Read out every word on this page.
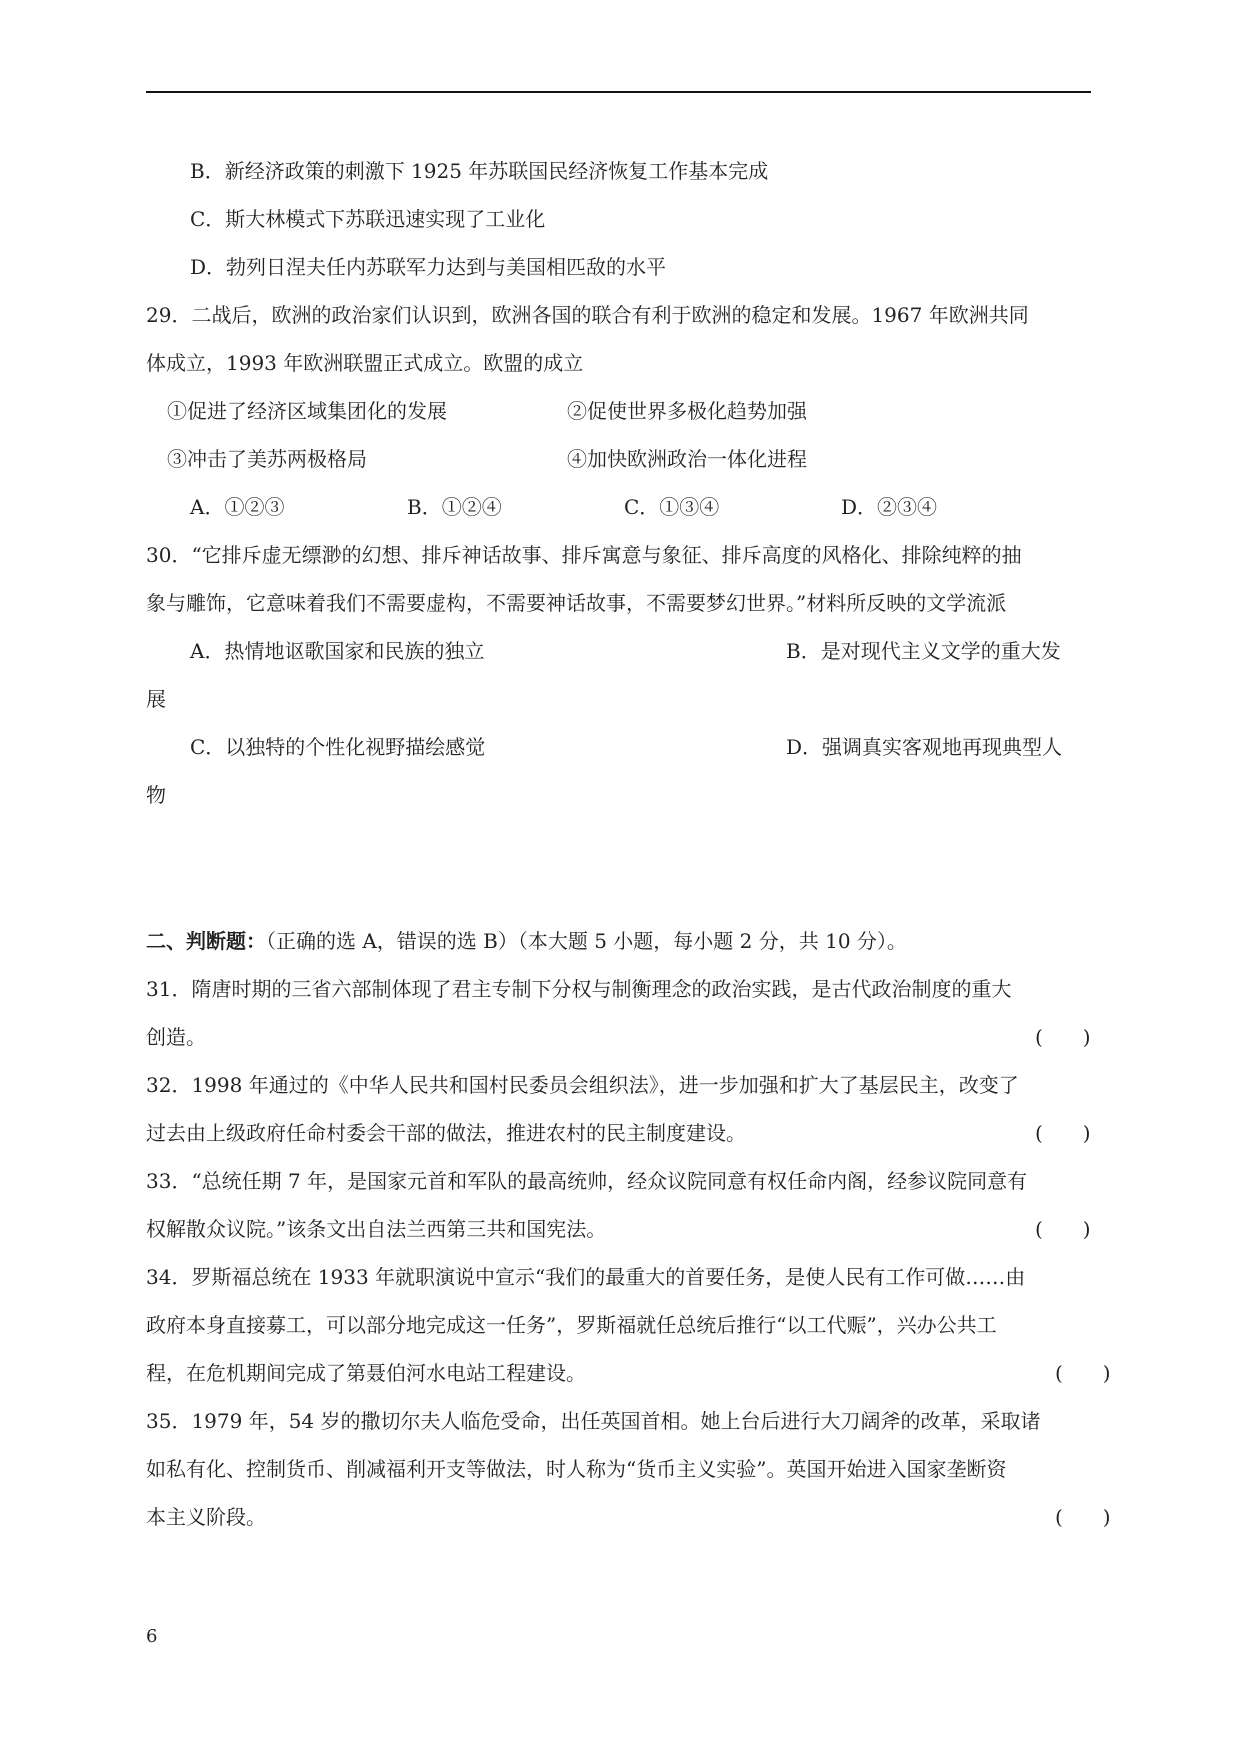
B．新经济政策的刺激下 1925 年苏联国民经济恢复工作基本完成
C．斯大林模式下苏联迅速实现了工业化
D．勃列日涅夫任内苏联军力达到与美国相匹敌的水平
29．二战后，欧洲的政治家们认识到，欧洲各国的联合有利于欧洲的稳定和发展。1967 年欧洲共同
体成立，1993 年欧洲联盟正式成立。欧盟的成立
①促进了经济区域集团化的发展	②促使世界多极化趋势加强
③冲击了美苏两极格局	④加快欧洲政治一体化进程
A．①②③	B．①②④	C．①③④	D．②③④
30．“它排斥虚无缥渺的幻想、排斥神话故事、排斥寓意与象征、排斥高度的风格化、排除纯粹的抽
象与雕饰，它意味着我们不需要虚构，不需要神话故事，不需要梦幻世界。”材料所反映的文学流派
A．热情地讴歌国家和民族的独立	B．是对现代主义文学的重大发
展
C．以独特的个性化视野描绘感觉	D．强调真实客观地再现典型人
物
二、判断题：（正确的选 A，错误的选 B）（本大题 5 小题，每小题 2 分，共 10 分）。
31．隋唐时期的三省六部制体现了君主专制下分权与制衡理念的政治实践，是古代政治制度的重大
创造。	(　　)
32．1998 年通过的《中华人民共和国村民委员会组织法》，进一步加强和扩大了基层民主，改变了
过去由上级政府任命村委会干部的做法，推进农村的民主制度建设。	(　　)
33．“总统任期 7 年，是国家元首和军队的最高统帅，经众议院同意有权任命内阁，经参议院同意有
权解散众议院。”该条文出自法兰西第三共和国宪法。	(　　)
34．罗斯福总统在 1933 年就职演说中宣示“我们的最重大的首要任务，是使人民有工作可做……由
政府本身直接募工，可以部分地完成这一任务”，罗斯福就任总统后推行“以工代赈”，兴办公共工
程，在危机期间完成了第聂伯河水电站工程建设。	(　　)
35．1979 年，54 岁的撒切尔夫人临危受命，出任英国首相。她上台后进行大刀阔斧的改革，采取诸
如私有化、控制货币、削减福利开支等做法，时人称为“货币主义实验”。英国开始进入国家垄断资
本主义阶段。	(　　)
6
